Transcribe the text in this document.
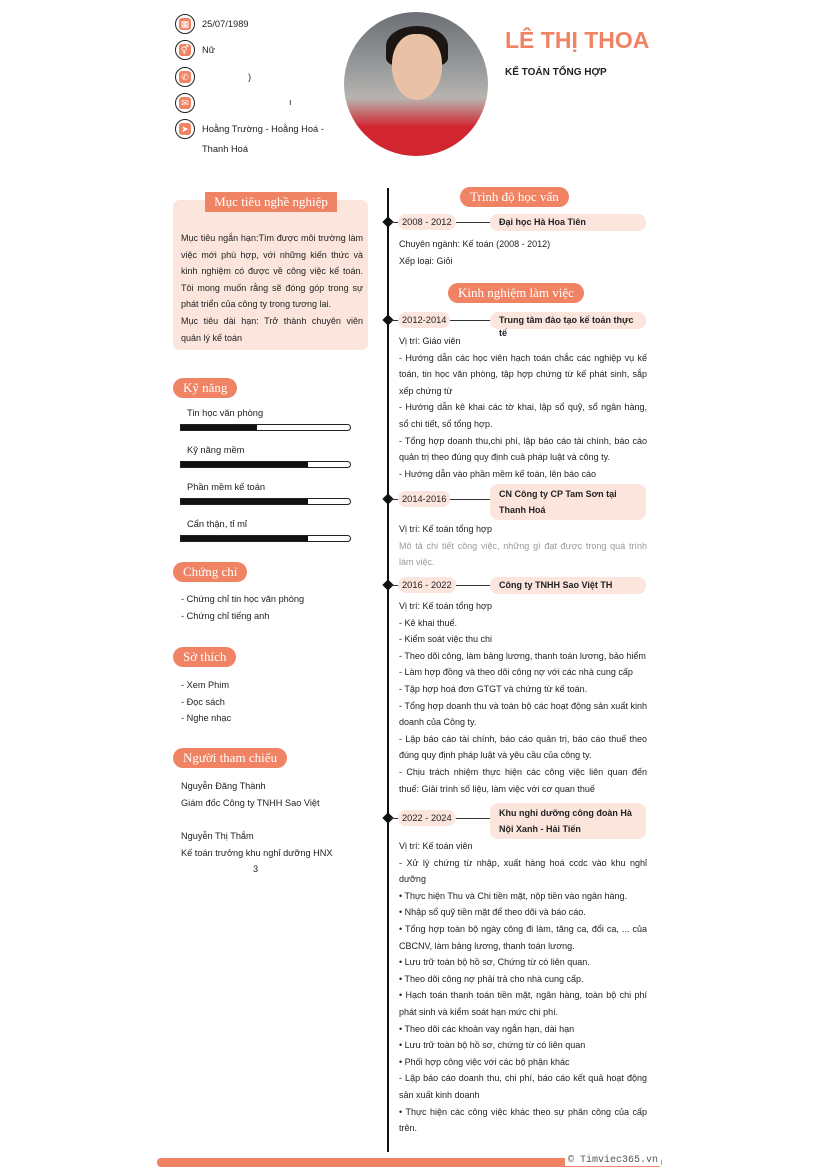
▦ 25/07/1989
⚥ Nữ
✆	)
✉	ı
➤ Hoằng Trường - Hoằng Hoá -
Thanh Hoá
LÊ THỊ THOA
KẾ TOÁN TỔNG HỢP
Mục tiêu nghề nghiệp
Mục tiêu ngắn hạn:Tìm được môi trường làm việc mới phù hợp, với những kiến thức và kinh nghiệm có được về công việc kế toán. Tôi mong muốn rằng sẽ đóng góp trong sự phát triển của công ty trong tương lai.
Mục tiêu dài hạn: Trở thành chuyên viên quản lý kế toán
Kỹ năng
Tin học văn phòng
Kỹ năng mềm
Phần mềm kế toán
Cẩn thận, tỉ mỉ
Chứng chỉ
- Chứng chỉ tin học văn phòng
- Chứng chỉ tiếng anh
Sở thích
- Xem Phim
- Đọc sách
- Nghe nhạc
Người tham chiếu
Nguyễn Đăng Thành
Giám đốc Công ty TNHH Sao Việt
Nguyễn Thị Thắm
Kế toán trưởng khu nghỉ dưỡng HNX
3
Trình độ học vấn
2008 - 2012	Đại học Hà Hoa Tiên
Chuyên ngành: Kế toán (2008 - 2012)
Xếp loại: Giỏi
Kinh nghiệm làm việc
2012-2014	Trung tâm đào tạo kế toán thực tế
Vị trí: Giáo viên
- Hướng dẫn các học viên hạch toán chắc các nghiệp vụ kế toán, tin học văn phòng, tập hợp chứng từ kế phát sinh, sắp xếp chứng từ
- Hướng dẫn kê khai các tờ khai, lập sổ quỹ, sổ ngân hàng, sổ chi tiết, sổ tổng hợp.
- Tổng hợp doanh thu,chi phí, lập báo cáo tài chính, báo cáo quản trị theo đúng quy định cuả pháp luật và công ty.
- Hướng dẫn vào phần mềm kế toán, lên báo cáo
2014-2016	CN Công ty CP Tam Sơn tại Thanh Hoá
Vị trí: Kế toán tổng hợp
Mô tả chi tiết công việc, những gì đạt được trong quá trình làm việc.
2016 - 2022	Công ty TNHH Sao Việt TH
Vị trí: Kế toán tổng hợp
- Kê khai thuế.
- Kiểm soát việc thu chi
- Theo dõi công, làm bảng lương, thanh toán lương, bảo hiểm
- Làm hợp đồng và theo dõi công nợ với các nhà cung cấp
- Tập hợp hoá đơn GTGT và chứng từ kế toán.
- Tổng hợp doanh thu và toàn bộ các hoạt động sản xuất kinh doanh của Công ty.
- Lập báo cáo tài chính, báo cáo quản trị, báo cáo thuế theo đúng quy định pháp luật và yêu cầu của công ty.
- Chịu trách nhiệm thực hiện các công việc liên quan đến thuế: Giải trình số liệu, làm việc với cơ quan thuế
2022 - 2024	Khu nghỉ dưỡng công đoàn Hà Nội Xanh - Hải Tiến
Vị trí: Kế toán viên
- Xử lý chứng từ nhập, xuất hàng hoá ccdc vào khu nghỉ dưỡng
• Thực hiện Thu và Chi tiền mặt, nộp tiền vào ngân hàng.
• Nhập sổ quỹ tiền mặt để theo dõi và báo cáo.
• Tổng hợp toàn bộ ngày công đi làm, tăng ca, đổi ca, ... của CBCNV, làm bảng lương, thanh toán lương.
• Lưu trữ toàn bộ hồ sơ, Chứng từ có liên quan.
• Theo dõi công nợ phải trả cho nhà cung cấp.
• Hạch toán thanh toán tiền mặt, ngân hàng, toàn bộ chi phí phát sinh và kiểm soát hạn mức chi phí.
• Theo dõi các khoản vay ngắn hạn, dài hạn
• Lưu trữ toàn bộ hồ sơ, chứng từ có liên quan
• Phối hợp công việc với các bộ phận khác
- Lập báo cáo doanh thu, chi phí, báo cáo kết quả hoạt động sản xuất kinh doanh
• Thực hiện các công việc khác theo sự phân công của cấp trên.
© Timviec365.vn
